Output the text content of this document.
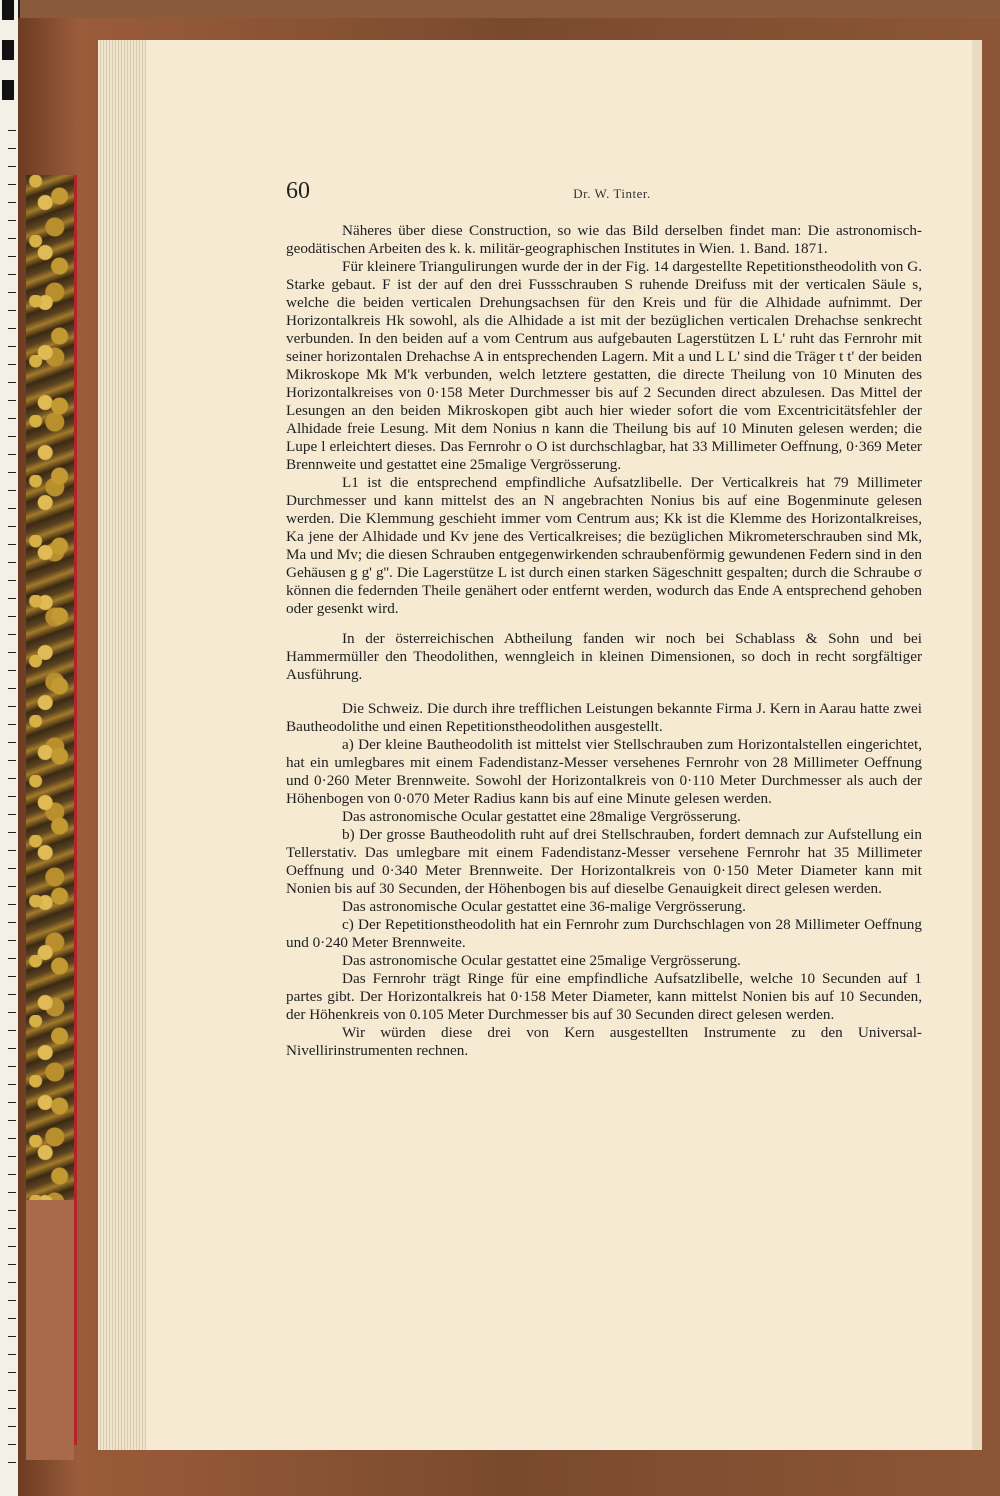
60	Dr. W. Tinter.

Näheres über diese Construction, so wie das Bild derselben findet man: Die astronomisch-geodätischen Arbeiten des k. k. militär-geographischen Institutes in Wien. 1. Band. 1871.

Für kleinere Triangulirungen wurde der in der Fig. 14 dargestellte Repetitionstheodolith von G. Starke gebaut. F ist der auf den drei Fussschrauben S ruhende Dreifuss mit der verticalen Säule s, welche die beiden verticalen Drehungsachsen für den Kreis und für die Alhidade aufnimmt. Der Horizontalkreis Hk sowohl, als die Alhidade a ist mit der bezüglichen verticalen Drehachse senkrecht verbunden. In den beiden auf a vom Centrum aus aufgebauten Lagerstützen L L' ruht das Fernrohr mit seiner horizontalen Drehachse A in entsprechenden Lagern. Mit a und L L' sind die Träger t t' der beiden Mikroskope Mk M'k verbunden, welch letztere gestatten, die directe Theilung von 10 Minuten des Horizontalkreises von 0·158 Meter Durchmesser bis auf 2 Secunden direct abzulesen. Das Mittel der Lesungen an den beiden Mikroskopen gibt auch hier wieder sofort die vom Excentricitätsfehler der Alhidade freie Lesung. Mit dem Nonius n kann die Theilung bis auf 10 Minuten gelesen werden; die Lupe l erleichtert dieses. Das Fernrohr o O ist durchschlagbar, hat 33 Millimeter Oeffnung, 0·369 Meter Brennweite und gestattet eine 25malige Vergrösserung.

L1 ist die entsprechend empfindliche Aufsatzlibelle. Der Verticalkreis hat 79 Millimeter Durchmesser und kann mittelst des an N angebrachten Nonius bis auf eine Bogenminute gelesen werden. Die Klemmung geschieht immer vom Centrum aus; Kk ist die Klemme des Horizontalkreises, Ka jene der Alhidade und Kv jene des Verticalkreises; die bezüglichen Mikrometerschrauben sind Mk, Ma und Mv; die diesen Schrauben entgegenwirkenden schraubenförmig gewundenen Federn sind in den Gehäusen g g' g''. Die Lagerstütze L ist durch einen starken Sägeschnitt gespalten; durch die Schraube σ können die federnden Theile genähert oder entfernt werden, wodurch das Ende A entsprechend gehoben oder gesenkt wird.

In der österreichischen Abtheilung fanden wir noch bei Schablass & Sohn und bei Hammermüller den Theodolithen, wenngleich in kleinen Dimensionen, so doch in recht sorgfältiger Ausführung.

Die Schweiz. Die durch ihre trefflichen Leistungen bekannte Firma J. Kern in Aarau hatte zwei Bautheodolithe und einen Repetitionstheodolithen ausgestellt.

a) Der kleine Bautheodolith ist mittelst vier Stellschrauben zum Horizontalstellen eingerichtet, hat ein umlegbares mit einem Fadendistanz-Messer versehenes Fernrohr von 28 Millimeter Oeffnung und 0·260 Meter Brennweite. Sowohl der Horizontalkreis von 0·110 Meter Durchmesser als auch der Höhenbogen von 0·070 Meter Radius kann bis auf eine Minute gelesen werden.

Das astronomische Ocular gestattet eine 28malige Vergrösserung.

b) Der grosse Bautheodolith ruht auf drei Stellschrauben, fordert demnach zur Aufstellung ein Tellerstativ. Das umlegbare mit einem Fadendistanz-Messer versehene Fernrohr hat 35 Millimeter Oeffnung und 0·340 Meter Brennweite. Der Horizontalkreis von 0·150 Meter Diameter kann mit Nonien bis auf 30 Secunden, der Höhenbogen bis auf dieselbe Genauigkeit direct gelesen werden.

Das astronomische Ocular gestattet eine 36-malige Vergrösserung.

c) Der Repetitionstheodolith hat ein Fernrohr zum Durchschlagen von 28 Millimeter Oeffnung und 0·240 Meter Brennweite.

Das astronomische Ocular gestattet eine 25malige Vergrösserung.

Das Fernrohr trägt Ringe für eine empfindliche Aufsatzlibelle, welche 10 Secunden auf 1 partes gibt. Der Horizontalkreis hat 0·158 Meter Diameter, kann mittelst Nonien bis auf 10 Secunden, der Höhenkreis von 0.105 Meter Durchmesser bis auf 30 Secunden direct gelesen werden.

Wir würden diese drei von Kern ausgestellten Instrumente zu den Universal-Nivellirinstrumenten rechnen.
